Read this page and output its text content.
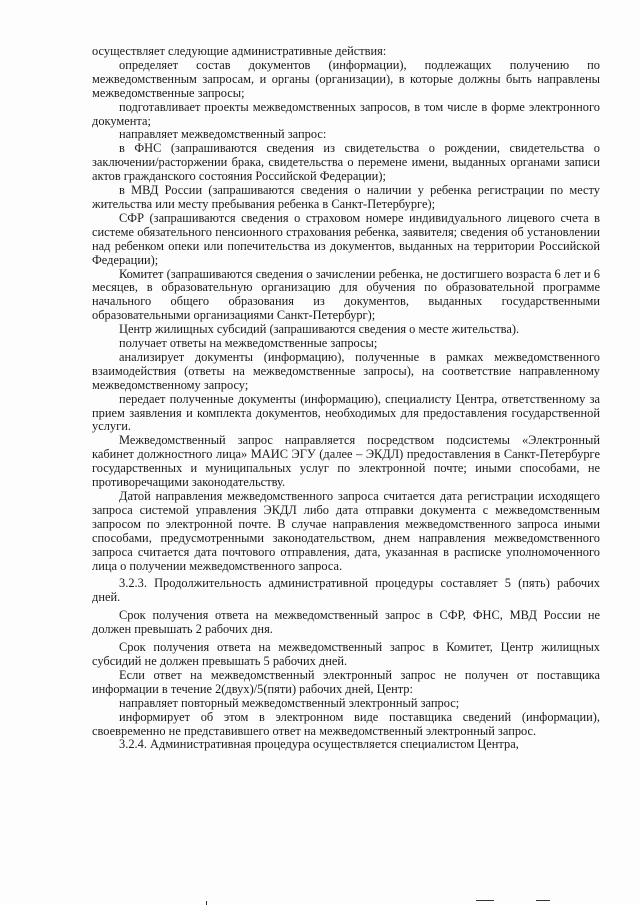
осуществляет следующие административные действия:

определяет состав документов (информации), подлежащих получению по межведомственным запросам, и органы (организации), в которые должны быть направлены межведомственные запросы;

подготавливает проекты межведомственных запросов, в том числе в форме электронного документа;

направляет межведомственный запрос:

в ФНС (запрашиваются сведения из свидетельства о рождении, свидетельства о заключении/расторжении брака, свидетельства о перемене имени, выданных органами записи актов гражданского состояния Российской Федерации);

в МВД России (запрашиваются сведения о наличии у ребенка регистрации по месту жительства или месту пребывания ребенка в Санкт-Петербурге);

СФР (запрашиваются сведения о страховом номере индивидуального лицевого счета в системе обязательного пенсионного страхования ребенка, заявителя; сведения об установлении над ребенком опеки или попечительства из документов, выданных на территории Российской Федерации);

Комитет (запрашиваются сведения о зачислении ребенка, не достигшего возраста 6 лет и 6 месяцев, в образовательную организацию для обучения по образовательной программе начального общего образования из документов, выданных государственными образовательными организациями Санкт-Петербург);

Центр жилищных субсидий (запрашиваются сведения о месте жительства).

получает ответы на межведомственные запросы;

анализирует документы (информацию), полученные в рамках межведомственного взаимодействия (ответы на межведомственные запросы), на соответствие направленному межведомственному запросу;

передает полученные документы (информацию), специалисту Центра, ответственному за прием заявления и комплекта документов, необходимых для предоставления государственной услуги.

Межведомственный запрос направляется посредством подсистемы «Электронный кабинет должностного лица» МАИС ЭГУ (далее – ЭКДЛ) предоставления в Санкт-Петербурге государственных и муниципальных услуг по электронной почте; иными способами, не противоречащими законодательству.

Датой направления межведомственного запроса считается дата регистрации исходящего запроса системой управления ЭКДЛ либо дата отправки документа с межведомственным запросом по электронной почте. В случае направления межведомственного запроса иными способами, предусмотренными законодательством, днем направления межведомственного запроса считается дата почтового отправления, дата, указанная в расписке уполномоченного лица о получении межведомственного запроса.

3.2.3. Продолжительность административной процедуры составляет 5 (пять) рабочих дней.

Срок получения ответа на межведомственный запрос в СФР, ФНС, МВД России не должен превышать 2 рабочих дня.

Срок получения ответа на межведомственный запрос в Комитет, Центр жилищных субсидий не должен превышать 5 рабочих дней.

Если ответ на межведомственный электронный запрос не получен от поставщика информации в течение 2(двух)/5(пяти) рабочих дней, Центр:

направляет повторный межведомственный электронный запрос;

информирует об этом в электронном виде поставщика сведений (информации), своевременно не представившего ответ на межведомственный электронный запрос.

3.2.4. Административная процедура осуществляется специалистом Центра,
